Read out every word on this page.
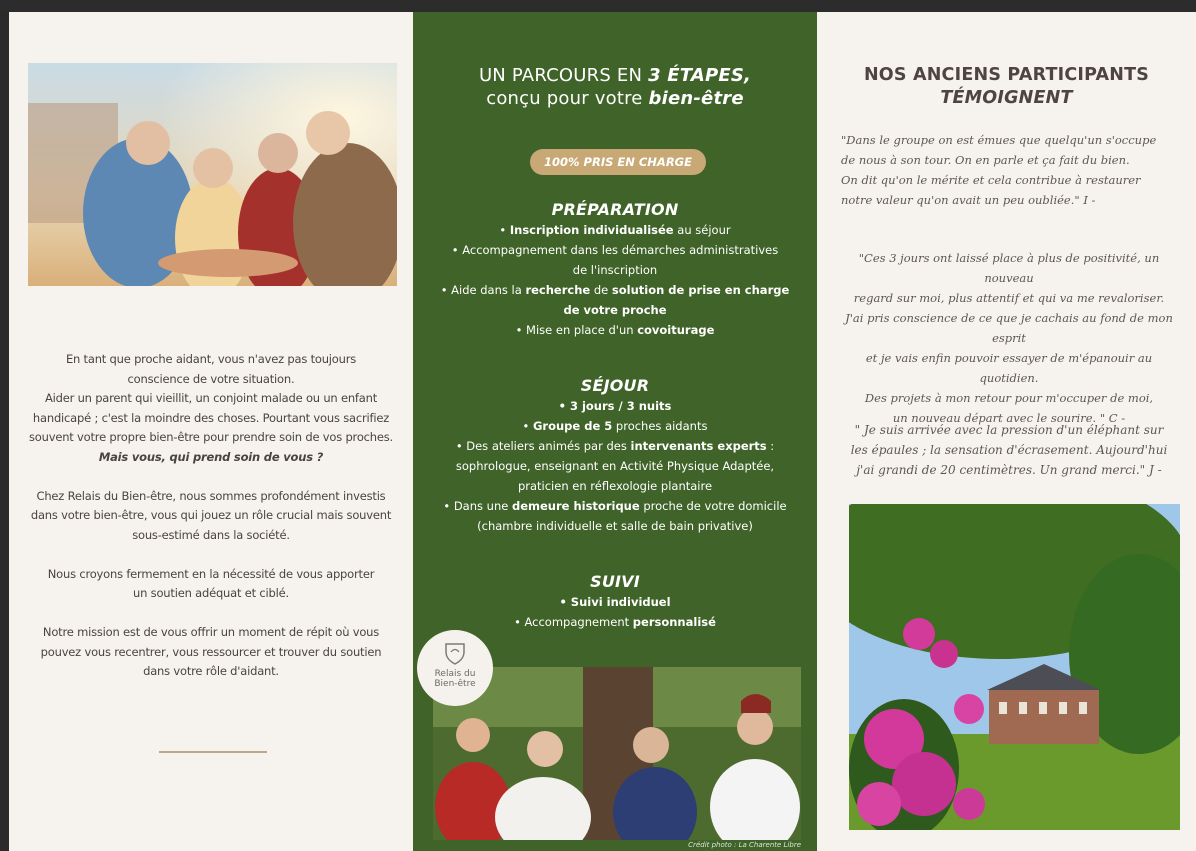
En tant que proche aidant, vous n'avez pas toujours
conscience de votre situation.
Aider un parent qui vieillit, un conjoint malade ou un enfant
handicapé ; c'est la moindre des choses. Pourtant vous sacrifiez
souvent votre propre bien-être pour prendre soin de vos proches.
Mais vous, qui prend soin de vous ?

Chez Relais du Bien-être, nous sommes profondément investis
dans votre bien-être, vous qui jouez un rôle crucial mais souvent
sous-estimé dans la société.

Nous croyons fermement en la nécessité de vous apporter
un soutien adéquat et ciblé.

Notre mission est de vous offrir un moment de répit où vous
pouvez vous recentrer, vous ressourcer et trouver du soutien
dans votre rôle d'aidant.

UN PARCOURS EN 3 ÉTAPES,
conçu pour votre bien-être
100% PRIS EN CHARGE
PRÉPARATION
• Inscription individualisée au séjour
• Accompagnement dans les démarches administratives
de l'inscription
• Aide dans la recherche de solution de prise en charge
de votre proche
• Mise en place d'un covoiturage
SÉJOUR
• 3 jours / 3 nuits
• Groupe de 5 proches aidants
• Des ateliers animés par des intervenants experts :
sophrologue, enseignant en Activité Physique Adaptée,
praticien en réflexologie plantaire
• Dans une demeure historique proche de votre domicile
(chambre individuelle et salle de bain privative)
SUIVI
• Suivi individuel
• Accompagnement personnalisé
Relais du
Bien-être
Crédit photo : La Charente Libre
NOS ANCIENS PARTICIPANTS
TÉMOIGNENT
"Dans le groupe on est émues que quelqu'un s'occupe
de nous à son tour. On en parle et ça fait du bien.
On dit qu'on le mérite et cela contribue à restaurer
notre valeur qu'on avait un peu oubliée." I -
"Ces 3 jours ont laissé place à plus de positivité, un nouveau
regard sur moi, plus attentif et qui va me revaloriser.
J'ai pris conscience de ce que je cachais au fond de mon esprit
et je vais enfin pouvoir essayer de m'épanouir au quotidien.
Des projets à mon retour pour m'occuper de moi,
un nouveau départ avec le sourire. " C -
" Je suis arrivée avec la pression d'un éléphant sur
les épaules ; la sensation d'écrasement. Aujourd'hui
j'ai grandi de 20 centimètres. Un grand merci." J -
